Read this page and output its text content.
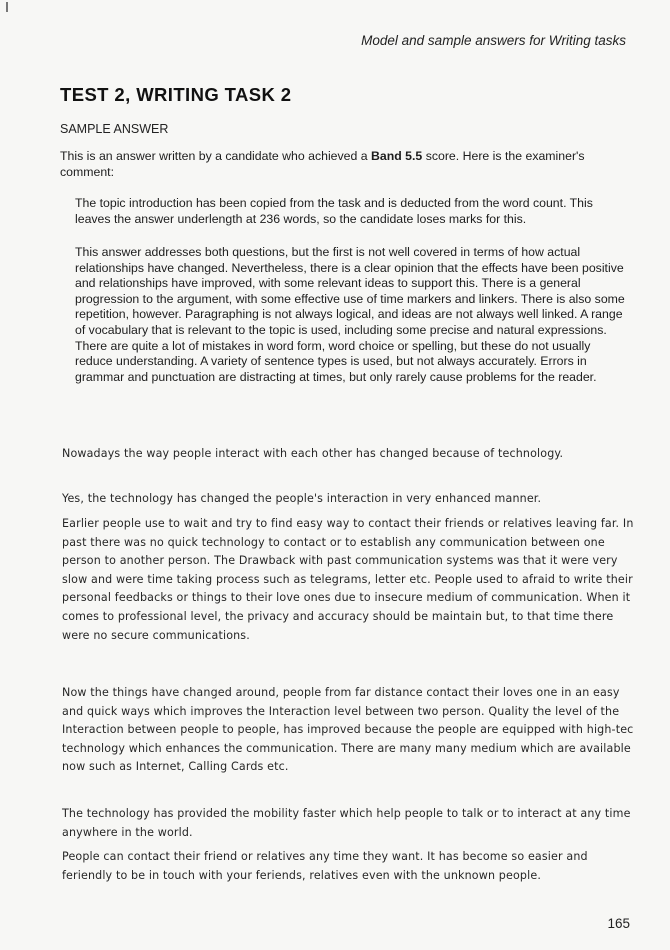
Model and sample answers for Writing tasks
TEST 2, WRITING TASK 2
SAMPLE ANSWER
This is an answer written by a candidate who achieved a Band 5.5 score. Here is the examiner's comment:
The topic introduction has been copied from the task and is deducted from the word count. This leaves the answer underlength at 236 words, so the candidate loses marks for this.
This answer addresses both questions, but the first is not well covered in terms of how actual relationships have changed. Nevertheless, there is a clear opinion that the effects have been positive and relationships have improved, with some relevant ideas to support this. There is a general progression to the argument, with some effective use of time markers and linkers. There is also some repetition, however. Paragraphing is not always logical, and ideas are not always well linked. A range of vocabulary that is relevant to the topic is used, including some precise and natural expressions. There are quite a lot of mistakes in word form, word choice or spelling, but these do not usually reduce understanding. A variety of sentence types is used, but not always accurately. Errors in grammar and punctuation are distracting at times, but only rarely cause problems for the reader.
Nowadays the way people interact with each other has changed because of technology.
Yes, the technology has changed the people's interaction in very enhanced manner.
Earlier people use to wait and try to find easy way to contact their friends or relatives leaving far. In past there was no quick technology to contact or to establish any communication between one person to another person. The Drawback with past communication systems was that it were very slow and were time taking process such as telegrams, letter etc. People used to afraid to write their personal feedbacks or things to their love ones due to insecure medium of communication. When it comes to professional level, the privacy and accuracy should be maintain but, to that time there were no secure communications.
Now the things have changed around, people from far distance contact their loves one in an easy and quick ways which improves the Interaction level between two person. Quality the level of the Interaction between people to people, has improved because the people are equipped with high-tec technology which enhances the communication. There are many many medium which are available now such as Internet, Calling Cards etc.
The technology has provided the mobility faster which help people to talk or to interact at any time anywhere in the world.
People can contact their friend or relatives any time they want. It has become so easier and feriendly to be in touch with your feriends, relatives even with the unknown people.
165
